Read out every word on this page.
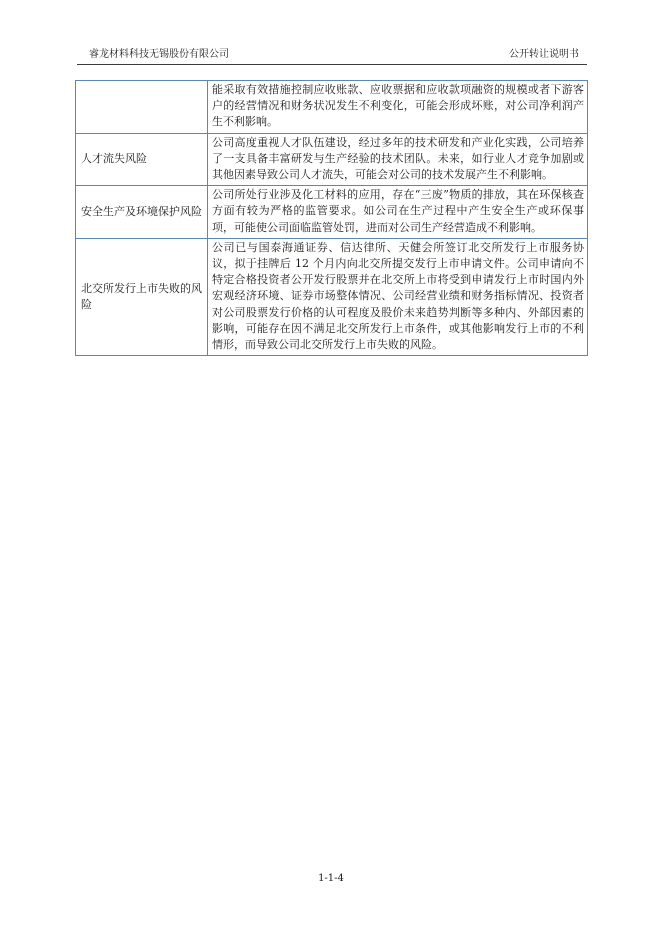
睿龙材料科技无锡股份有限公司	公开转让说明书
	能采取有效措施控制应收账款、应收票据和应收款项融资的规模或者下游客户的经营情况和财务状况发生不利变化，可能会形成坏账，对公司净利润产生不利影响。
人才流失风险	公司高度重视人才队伍建设，经过多年的技术研发和产业化实践，公司培养了一支具备丰富研发与生产经验的技术团队。未来，如行业人才竞争加剧或其他因素导致公司人才流失，可能会对公司的技术发展产生不利影响。
安全生产及环境保护风险	公司所处行业涉及化工材料的应用，存在“三废”物质的排放，其在环保核查方面有较为严格的监管要求。如公司在生产过程中产生安全生产或环保事项，可能使公司面临监管处罚，进而对公司生产经营造成不利影响。
北交所发行上市失败的风险	公司已与国泰海通证券、信达律所、天健会所签订北交所发行上市服务协议，拟于挂牌后 12 个月内向北交所提交发行上市申请文件。公司申请向不特定合格投资者公开发行股票并在北交所上市将受到申请发行上市时国内外宏观经济环境、证券市场整体情况、公司经营业绩和财务指标情况、投资者对公司股票发行价格的认可程度及股价未来趋势判断等多种内、外部因素的影响，可能存在因不满足北交所发行上市条件，或其他影响发行上市的不利情形，而导致公司北交所发行上市失败的风险。
1-1-4
